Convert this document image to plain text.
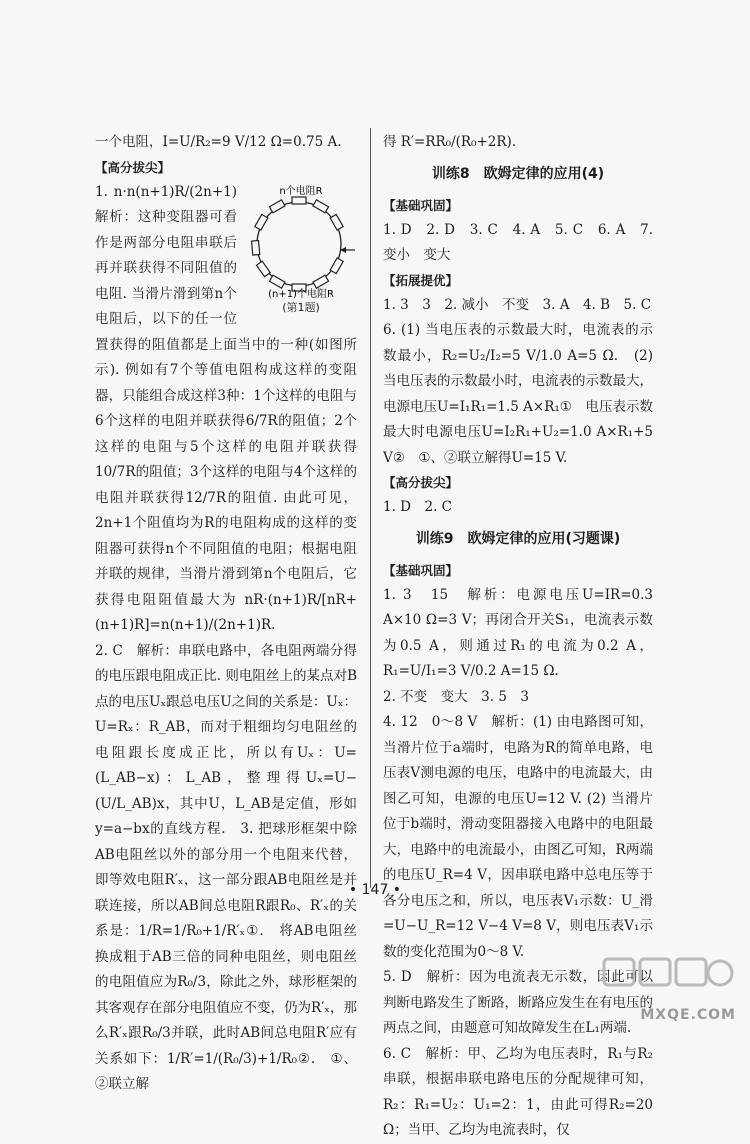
一个电阻，I=U/R₂=9 V/12 Ω=0.75 A.

【高分拔尖】
n个电阻R
(n+1)个电阻R
(第1题)

1. n·n(n+1)R/(2n+1)　解析：这种变阻器可看作是两部分电阻串联后再并联获得不同阻值的电阻. 当滑片滑到第n个电阻后，以下的任一位置获得的阻值都是上面当中的一种(如图所示). 例如有7个等值电阻构成这样的变阻器，只能组合成这样3种：1个这样的电阻与6个这样的电阻并联获得6/7R的阻值；2个这样的电阻与5个这样的电阻并联获得10/7R的阻值；3个这样的电阻与4个这样的电阻并联获得12/7R的阻值. 由此可见，2n+1个阻值均为R的电阻构成的这样的变阻器可获得n个不同阻值的电阻；根据电阻并联的规律，当滑片滑到第n个电阻后，它获得电阻阻值最大为 nR·(n+1)R/[nR+(n+1)R]=n(n+1)/(2n+1)R.

2. C　解析：串联电路中，各电阻两端分得的电压跟电阻成正比. 则电阻丝上的某点对B点的电压Uₓ跟总电压U之间的关系是：Uₓ：U=Rₓ：R_AB，而对于粗细均匀电阻丝的电阻跟长度成正比，所以有Uₓ：U=(L_AB−x)：L_AB，整理得Uₓ=U−(U/L_AB)x，其中U，L_AB是定值，形如y=a−bx的直线方程.　3. 把球形框架中除AB电阻丝以外的部分用一个电阻来代替，即等效电阻R′ₓ，这一部分跟AB电阻丝是并联连接，所以AB间总电阻R跟R₀、R′ₓ的关系是：1/R=1/R₀+1/R′ₓ①.　将AB电阻丝换成粗于AB三倍的同种电阻丝，则电阻丝的电阻值应为R₀/3，除此之外，球形框架的其客观存在部分电阻值应不变，仍为R′ₓ，那么R′ₓ跟R₀/3并联，此时AB间总电阻R′应有关系如下：1/R′=1/(R₀/3)+1/R₀②.　①、②联立解

得 R′=RR₀/(R₀+2R).

训练8　欧姆定律的应用(4)
【基础巩固】

1. D　2. D　3. C　4. A　5. C　6. A　7. 变小　变大

【拓展提优】

1. 3　3　2. 减小　不变　3. A　4. B　5. C

6. (1) 当电压表的示数最大时，电流表的示数最小，R₂=U₂/I₂=5 V/1.0 A=5 Ω.　(2) 当电压表的示数最小时，电流表的示数最大，电源电压U=I₁R₁=1.5 A×R₁①　电压表示数最大时电源电压U=I₂R₁+U₂=1.0 A×R₁+5 V②　①、②联立解得U=15 V.

【高分拔尖】

1. D　2. C

训练9　欧姆定律的应用(习题课)
【基础巩固】

1. 3　15　解析：电源电压U=IR=0.3 A×10 Ω=3 V；再闭合开关S₁，电流表示数为0.5 A，则通过R₁的电流为0.2 A，R₁=U/I₁=3 V/0.2 A=15 Ω.

2. 不变　变大　3. 5　3

4. 12　0～8 V　解析：(1) 由电路图可知，当滑片位于a端时，电路为R的简单电路，电压表V测电源的电压，电路中的电流最大，由图乙可知，电源的电压U=12 V. (2) 当滑片位于b端时，滑动变阻器接入电路中的电阻最大，电路中的电流最小，由图乙可知，R两端的电压U_R=4 V，因串联电路中总电压等于各分电压之和，所以，电压表V₁示数：U_滑=U−U_R=12 V−4 V=8 V，则电压表V₁示数的变化范围为0～8 V.

5. D　解析：因为电流表无示数，因此可以判断电路发生了断路，断路应发生在有电压的两点之间，由题意可知故障发生在L₁两端.

6. C　解析：甲、乙均为电压表时，R₁与R₂串联，根据串联电路电压的分配规律可知，R₂：R₁=U₂：U₁=2：1，由此可得R₂=20 Ω；当甲、乙均为电流表时，仅

• 147 •
MXQE.COM
